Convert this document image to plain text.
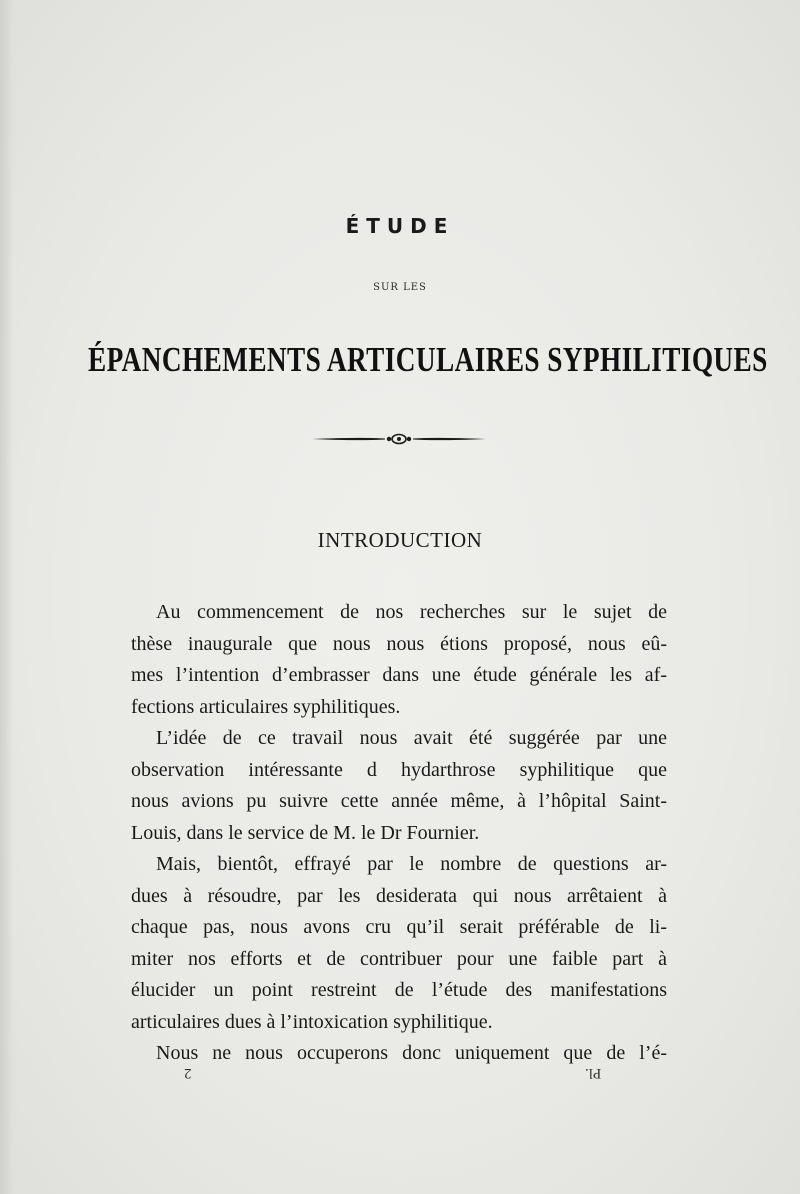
ÉTUDE
SUR LES
ÉPANCHEMENTS ARTICULAIRES SYPHILITIQUES
INTRODUCTION
Au commencement de nos recherches sur le sujet de
thèse inaugurale que nous nous étions proposé, nous eû-
mes l’intention d’embrasser dans une étude générale les af-
fections articulaires syphilitiques.
L’idée de ce travail nous avait été suggérée par une
observation intéressante d hydarthrose syphilitique que
nous avions pu suivre cette année même, à l’hôpital Saint-
Louis, dans le service de M. le Dr Fournier.
Mais, bientôt, effrayé par le nombre de questions ar-
dues à résoudre, par les desiderata qui nous arrêtaient à
chaque pas, nous avons cru qu’il serait préférable de li-
miter nos efforts et de contribuer pour une faible part à
élucider un point restreint de l’étude des manifestations
articulaires dues à l’intoxication syphilitique.
Nous ne nous occuperons donc uniquement que de l’é-
2	Pl.
